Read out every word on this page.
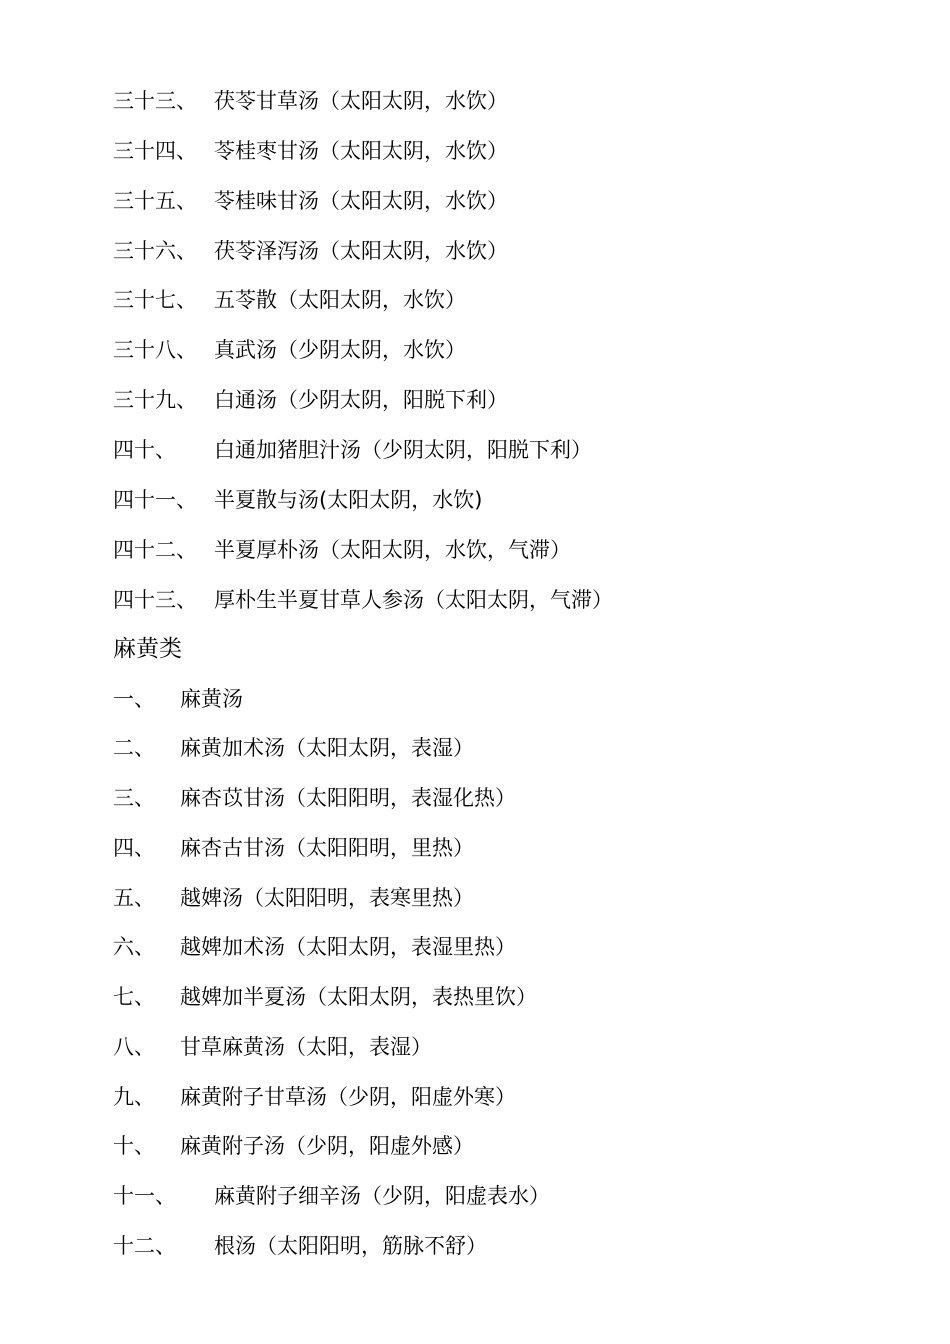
三十三、 茯苓甘草汤（太阳太阴，水饮）
三十四、 苓桂枣甘汤（太阳太阴，水饮）
三十五、 苓桂味甘汤（太阳太阴，水饮）
三十六、 茯苓泽泻汤（太阳太阴，水饮）
三十七、 五苓散（太阳太阴，水饮）
三十八、 真武汤（少阴太阴，水饮）
三十九、 白通汤（少阴太阴，阳脱下利）
四十、 白通加猪胆汁汤（少阴太阴，阳脱下利）
四十一、 半夏散与汤(太阳太阴，水饮)
四十二、 半夏厚朴汤（太阳太阴，水饮，气滞）
四十三、 厚朴生半夏甘草人参汤（太阳太阴，气滞）
麻黄类
一、 麻黄汤
二、 麻黄加术汤（太阳太阴，表湿）
三、 麻杏苡甘汤（太阳阳明，表湿化热）
四、 麻杏古甘汤（太阳阳明，里热）
五、 越婢汤（太阳阳明，表寒里热）
六、 越婢加术汤（太阳太阴，表湿里热）
七、 越婢加半夏汤（太阳太阴，表热里饮）
八、 甘草麻黄汤（太阳，表湿）
九、 麻黄附子甘草汤（少阴，阳虚外寒）
十、 麻黄附子汤（少阴，阳虚外感）
十一、 麻黄附子细辛汤（少阴，阳虚表水）
十二、 根汤（太阳阳明，筋脉不舒）
